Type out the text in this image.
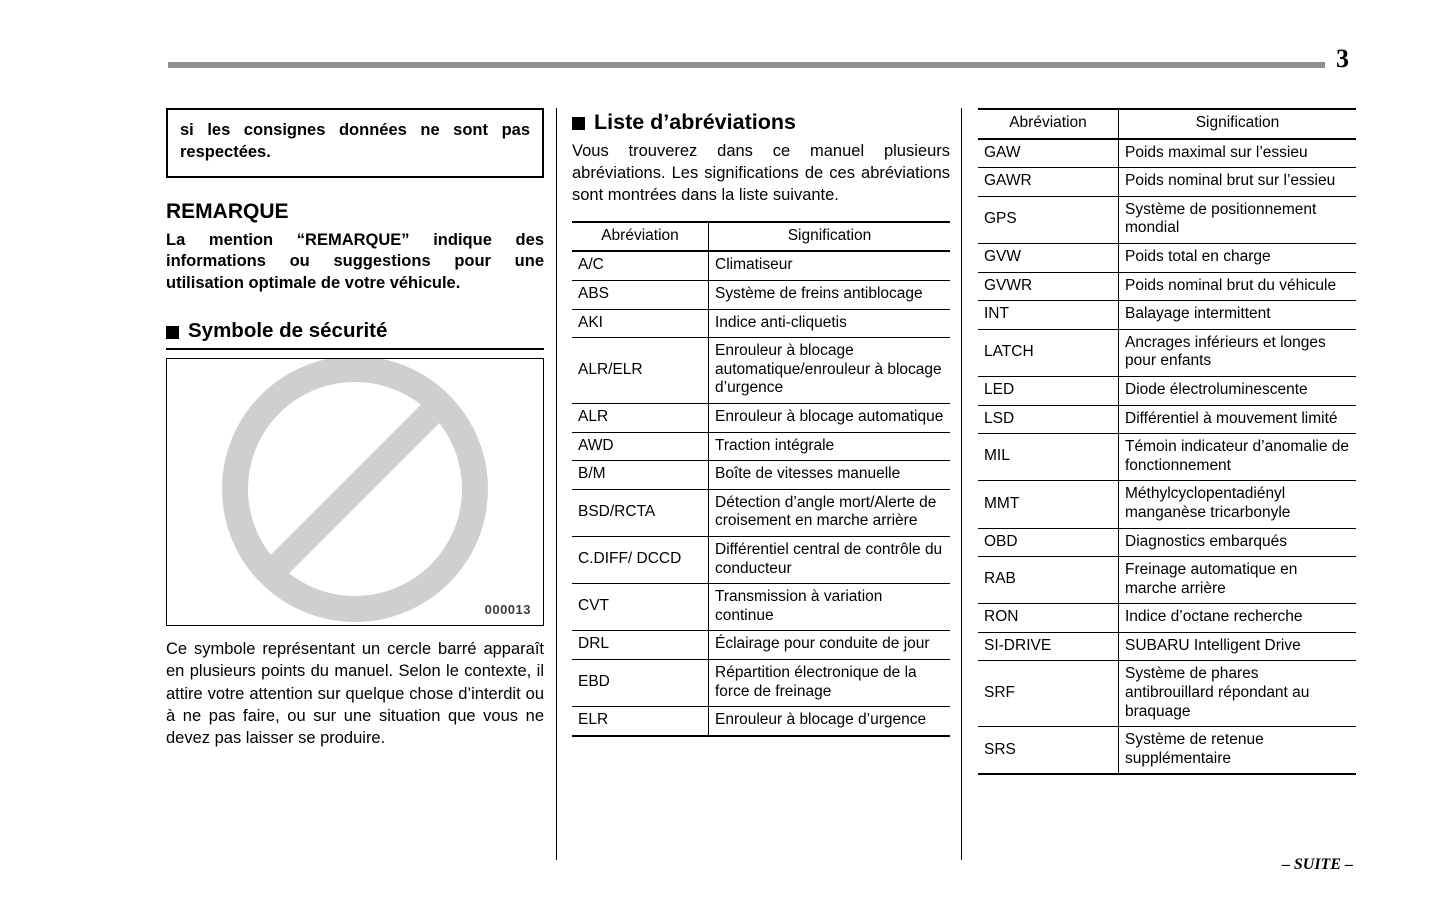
3

si les consignes données ne sont pas respectées.

REMARQUE

La mention “REMARQUE” indique des informations ou suggestions pour une utilisation optimale de votre véhicule.

Symbole de sécurité
000013

Ce symbole représentant un cercle barré apparaît en plusieurs points du manuel. Selon le contexte, il attire votre attention sur quelque chose d’interdit ou à ne pas faire, ou sur une situation que vous ne devez pas laisser se produire.

Liste d’abréviations

Vous trouverez dans ce manuel plusieurs abréviations. Les significations de ces abréviations sont montrées dans la liste suivante.

Abréviation	Signification
A/C	Climatiseur
ABS	Système de freins antiblocage
AKI	Indice anti-cliquetis
ALR/ELR	Enrouleur à blocage automatique/enrouleur à blocage d’urgence
ALR	Enrouleur à blocage automatique
AWD	Traction intégrale
B/M	Boîte de vitesses manuelle
BSD/RCTA	Détection d’angle mort/Alerte de croisement en marche arrière
C.DIFF/ DCCD	Différentiel central de contrôle du conducteur
CVT	Transmission à variation continue
DRL	Éclairage pour conduite de jour
EBD	Répartition électronique de la force de freinage
ELR	Enrouleur à blocage d’urgence
Abréviation	Signification
GAW	Poids maximal sur l’essieu
GAWR	Poids nominal brut sur l’essieu
GPS	Système de positionnement mondial
GVW	Poids total en charge
GVWR	Poids nominal brut du véhicule
INT	Balayage intermittent
LATCH	Ancrages inférieurs et longes pour enfants
LED	Diode électroluminescente
LSD	Différentiel à mouvement limité
MIL	Témoin indicateur d’anomalie de fonctionnement
MMT	Méthylcyclopentadiényl manganèse tricarbonyle
OBD	Diagnostics embarqués
RAB	Freinage automatique en marche arrière
RON	Indice d’octane recherche
SI-DRIVE	SUBARU Intelligent Drive
SRF	Système de phares antibrouillard répondant au braquage
SRS	Système de retenue supplémentaire
– SUITE –
